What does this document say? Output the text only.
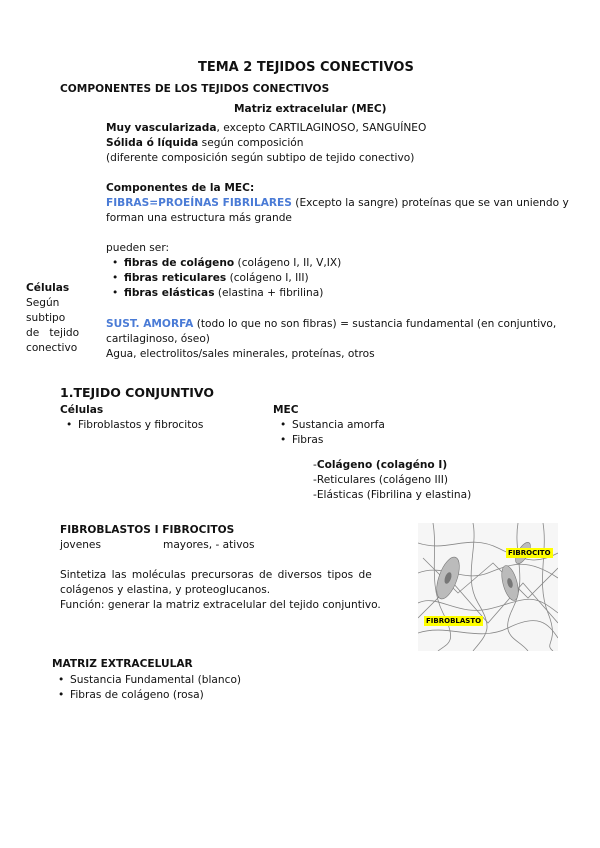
TEMA 2 TEJIDOS CONECTIVOS
COMPONENTES DE LOS TEJIDOS CONECTIVOS
Matriz extracelular (MEC)
Muy vascularizada, excepto CARTILAGINOSO, SANGUÍNEO
Sólida ó líquida según composición
(diferente composición según subtipo de tejido conectivo)
Componentes de la MEC:
FIBRAS=PROEÍNAS FIBRILARES (Excepto la sangre) proteínas que se van uniendo y
forman una estructura más grande
pueden ser:
• fibras de colágeno (colágeno I, II, V,IX)
• fibras reticulares (colágeno I, III)
• fibras elásticas (elastina + fibrilina)
SUST. AMORFA (todo lo que no son fibras) = sustancia fundamental (en conjuntivo,
cartilaginoso, óseo)
Agua, electrolitos/sales minerales, proteínas, otros
Células
Según
subtipo
de   tejido
conectivo
1.TEJIDO CONJUNTIVO
Células
• Fibroblastos y fibrocitos
MEC
• Sustancia amorfa
• Fibras
-Colágeno (colagéno I)
-Reticulares (colágeno III)
-Elásticas (Fibrilina y elastina)
FIBROBLASTOS I FIBROCITOS
jovenes	mayores, - ativos
Sintetiza las moléculas precursoras de diversos tipos de
colágenos y elastina, y proteoglucanos.
Función: generar la matriz extracelular del tejido conjuntivo.
FIBROCITO
FIBROBLASTO
MATRIZ EXTRACELULAR
• Sustancia Fundamental (blanco)
• Fibras de colágeno (rosa)
